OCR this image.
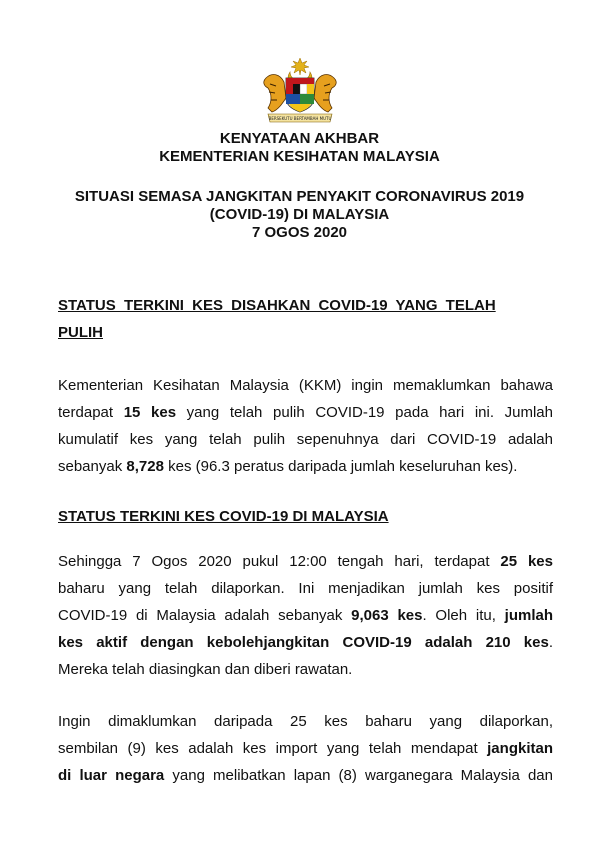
BERSEKUTU BERTAMBAH MUTU
KENYATAAN AKHBAR
KEMENTERIAN KESIHATAN MALAYSIA
SITUASI SEMASA JANGKITAN PENYAKIT CORONAVIRUS 2019
(COVID-19) DI MALAYSIA
7 OGOS 2020
STATUS TERKINI KES DISAHKAN COVID-19 YANG TELAH
PULIH
Kementerian Kesihatan Malaysia (KKM) ingin memaklumkan bahawa
terdapat 15 kes yang telah pulih COVID-19 pada hari ini. Jumlah
kumulatif kes yang telah pulih sepenuhnya dari COVID-19 adalah
sebanyak 8,728 kes (96.3 peratus daripada jumlah keseluruhan kes).
STATUS TERKINI KES COVID-19 DI MALAYSIA
Sehingga 7 Ogos 2020 pukul 12:00 tengah hari, terdapat 25 kes
baharu yang telah dilaporkan. Ini menjadikan jumlah kes positif
COVID-19 di Malaysia adalah sebanyak 9,063 kes. Oleh itu, jumlah
kes aktif dengan kebolehjangkitan COVID-19 adalah 210 kes.
Mereka telah diasingkan dan diberi rawatan.
Ingin dimaklumkan daripada 25 kes baharu yang dilaporkan,
sembilan (9) kes adalah kes import yang telah mendapat jangkitan
di luar negara yang melibatkan lapan (8) warganegara Malaysia dan
